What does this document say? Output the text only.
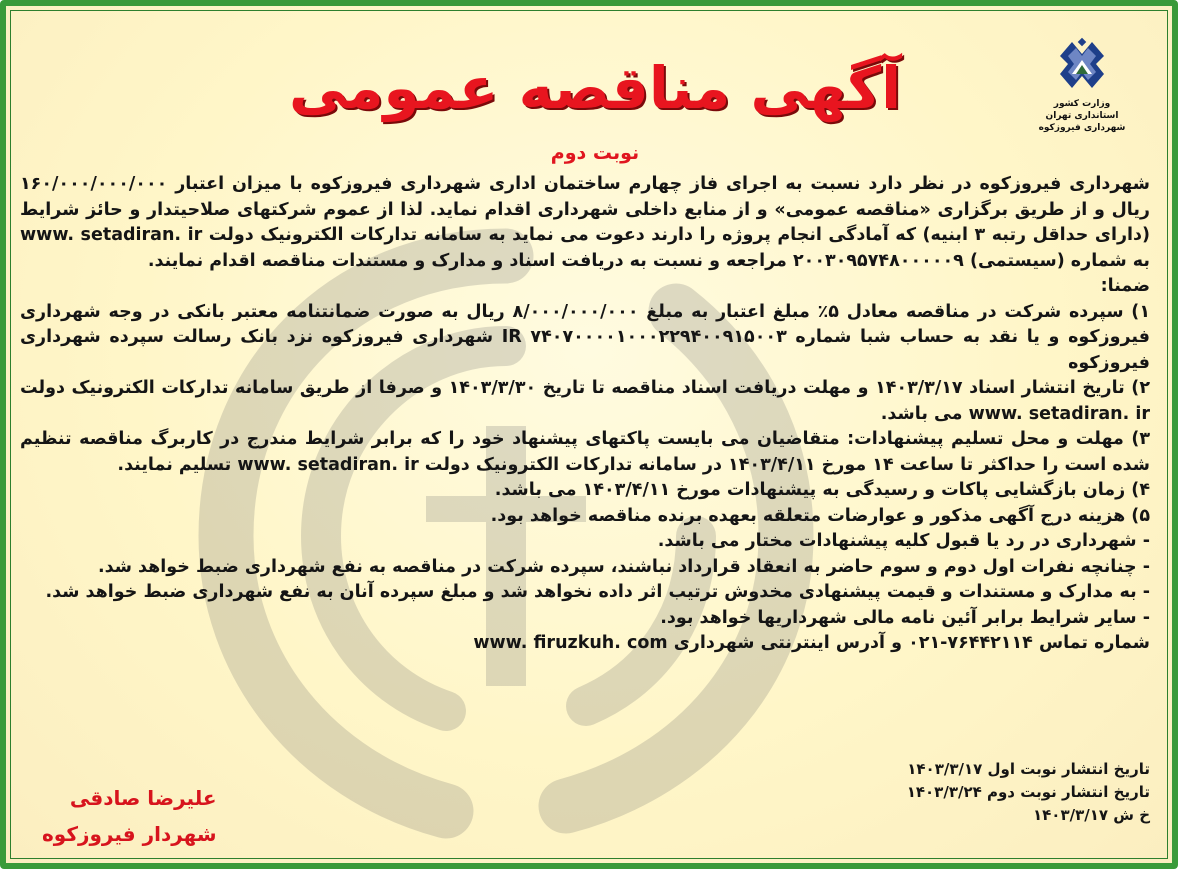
وزارت کشور
استانداری تهران
شهرداری فیروزکوه
آگهی مناقصه عمومی
نوبت دوم

شهرداری فیروزکوه در نظر دارد نسبت به اجرای فاز چهارم ساختمان اداری شهرداری فیروزکوه با میزان اعتبار ۱۶۰/۰۰۰/۰۰۰/۰۰۰ ریال و از طریق برگزاری «مناقصه عمومی» و از منابع داخلی شهرداری اقدام نماید. لذا از عموم شرکتهای صلاحیتدار و حائز شرایط (دارای حداقل رتبه ۳ ابنیه) که آمادگی انجام پروژه را دارند دعوت می نماید به سامانه تدارکات الکترونیک دولت www. setadiran. ir به شماره (سیستمی) ۲۰۰۳۰۹۵۷۴۸۰۰۰۰۰۹ مراجعه و نسبت به دریافت اسناد و مدارک و مستندات مناقصه اقدام نمایند.

ضمنا:

۱) سپرده شرکت در مناقصه معادل ۵٪ مبلغ اعتبار به مبلغ ۸/۰۰۰/۰۰۰/۰۰۰ ریال به صورت ضمانتنامه معتبر بانکی در وجه شهرداری فیروزکوه و یا نقد به حساب شبا شماره IR ۷۴۰۷۰۰۰۰۱۰۰۰۲۲۹۴۰۰۹۱۵۰۰۳ شهرداری فیروزکوه نزد بانک رسالت سپرده شهرداری فیروزکوه

۲) تاریخ انتشار اسناد ۱۴۰۳/۳/۱۷ و مهلت دریافت اسناد مناقصه تا تاریخ ۱۴۰۳/۳/۳۰ و صرفا از طریق سامانه تدارکات الکترونیک دولت www. setadiran. ir می باشد.

۳) مهلت و محل تسلیم پیشنهادات: متقاضیان می بایست پاکتهای پیشنهاد خود را که برابر شرایط مندرج در کاربرگ مناقصه تنظیم شده است را حداکثر تا ساعت ۱۴ مورخ ۱۴۰۳/۴/۱۱ در سامانه تدارکات الکترونیک دولت www. setadiran. ir تسلیم نمایند.

۴) زمان بازگشایی پاکات و رسیدگی به پیشنهادات مورخ ۱۴۰۳/۴/۱۱ می باشد.

۵) هزینه درج آگهی مذکور و عوارضات متعلقه بعهده برنده مناقصه خواهد بود.

- شهرداری در رد یا قبول کلیه پیشنهادات مختار می باشد.

- چنانچه نفرات اول دوم و سوم حاضر به انعقاد قرارداد نباشند، سپرده شرکت در مناقصه به نفع شهرداری ضبط خواهد شد.

- به مدارک و مستندات و قیمت پیشنهادی مخدوش ترتیب اثر داده نخواهد شد و مبلغ سپرده آنان به نفع شهرداری ضبط خواهد شد.

- سایر شرایط برابر آئین نامه مالی شهرداریها خواهد بود.

شماره تماس ۷۶۴۴۲۱۱۴-۰۲۱ و آدرس اینترنتی شهرداری www. firuzkuh. com

تاریخ انتشار نوبت اول ۱۴۰۳/۳/۱۷
تاریخ انتشار نوبت دوم ۱۴۰۳/۳/۲۴
خ ش ۱۴۰۳/۳/۱۷
علیرضا صادقی
شهردار فیروزکوه
